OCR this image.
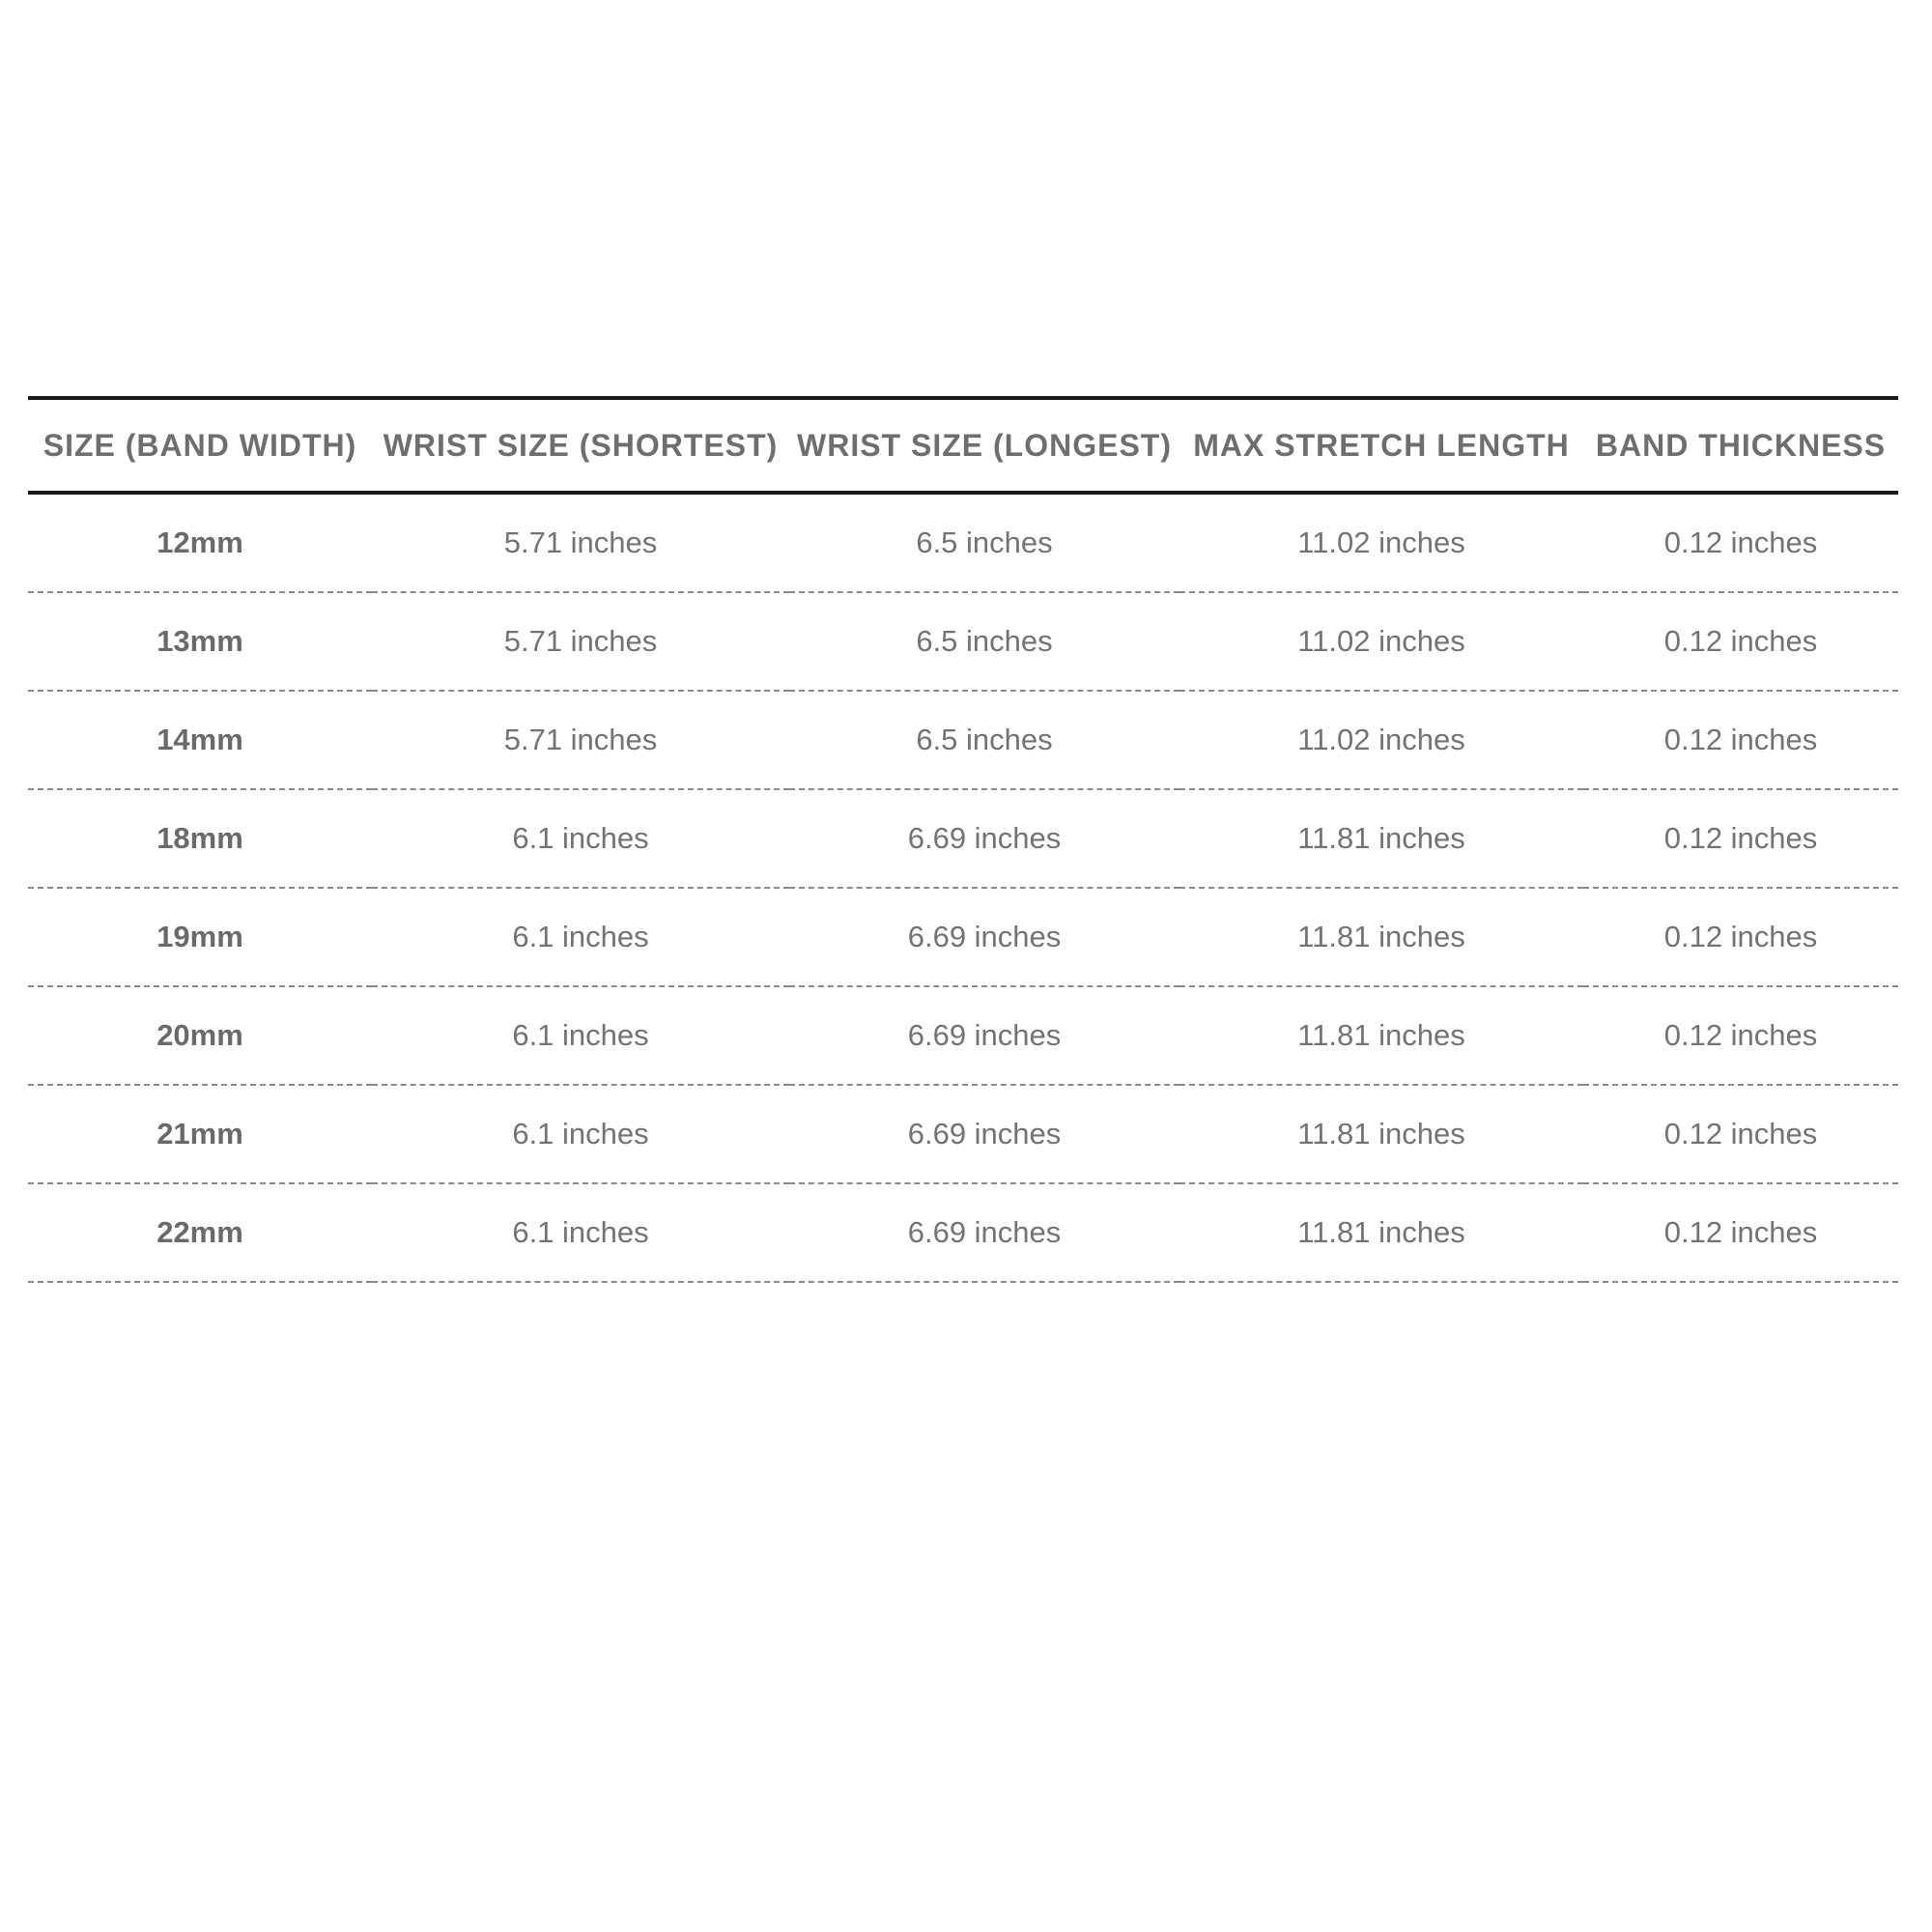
SIZE (BAND WIDTH)	WRIST SIZE (SHORTEST)	WRIST SIZE (LONGEST)	MAX STRETCH LENGTH	BAND THICKNESS
12mm	5.71 inches	6.5 inches	11.02 inches	0.12 inches
13mm	5.71 inches	6.5 inches	11.02 inches	0.12 inches
14mm	5.71 inches	6.5 inches	11.02 inches	0.12 inches
18mm	6.1 inches	6.69 inches	11.81 inches	0.12 inches
19mm	6.1 inches	6.69 inches	11.81 inches	0.12 inches
20mm	6.1 inches	6.69 inches	11.81 inches	0.12 inches
21mm	6.1 inches	6.69 inches	11.81 inches	0.12 inches
22mm	6.1 inches	6.69 inches	11.81 inches	0.12 inches
